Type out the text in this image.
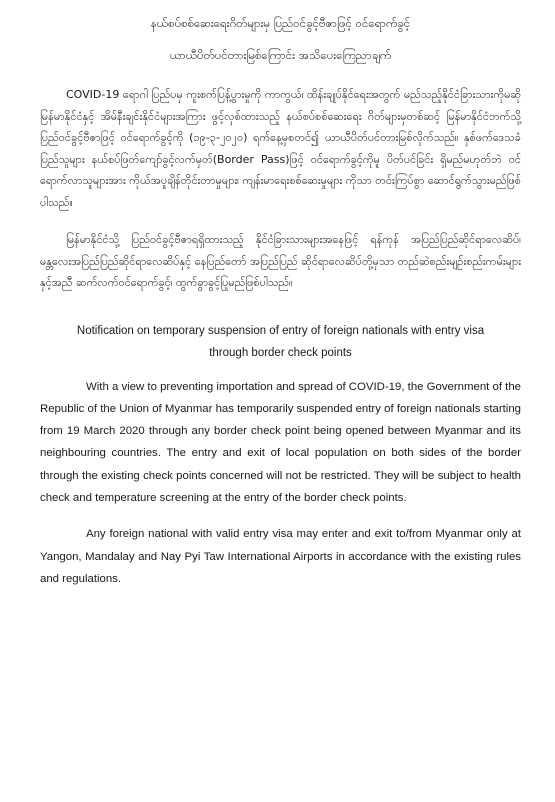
နယ်စပ်စစ်ဆေးရေးဂိတ်များမှ ပြည်ဝင်ခွင့်ဗီဇာဖြင့် ဝင်ရောက်ခွင့်

ယာယီပိတ်ပင်တားမြစ်ကြောင်း အသိပေးကြေညာချက်

COVID-19 ရောဂါ ပြည်ပမှ ကူးစက်ပြန့်ပွားမှုကို ကာကွယ်၊ ထိန်းချုပ်နိုင်ရေးအတွက် မည်သည့်နိုင်ငံခြားသားကိုမဆို မြန်မာနိုင်ငံနှင့် အိမ်နီးချင်းနိုင်ငံများအကြား ဖွင့်လှစ်ထားသည့် နယ်စပ်စစ်ဆေးရေး ဂိတ်များမှတစ်ဆင့် မြန်မာနိုင်ငံဘက်သို့ ပြည်ဝင်ခွင့်ဗီဇာဖြင့် ဝင်ရောက်ခွင့်ကို (၁၉-၃-၂၀၂၀) ရက်နေ့မှစတင်၍ ယာယီပိတ်ပင်တားမြစ်လိုက်သည်။ နှစ်ဖက်ဒေသခံ ပြည်သူများ နယ်စပ်ဖြတ်ကျော်ခွင့်လက်မှတ်(Border Pass)ဖြင့် ဝင်ရောက်ခွင့်ကိုမူ ပိတ်ပင်ခြင်း ရှိမည်မဟုတ်ဘဲ ဝင်ရောက်လာသူများအား ကိုယ်အပူချိန်တိုင်းတာမှုများ၊ ကျန်းမာရေးစစ်ဆေးမှုများ ကိုသာ တင်းကြပ်စွာ ဆောင်ရွက်သွားမည်ဖြစ်ပါသည်။

မြန်မာနိုင်ငံသို့ ပြည်ဝင်ခွင့်ဗီဇာရရှိထားသည့် နိုင်ငံခြားသားများအနေဖြင့် ရန်ကုန် အပြည်ပြည်ဆိုင်ရာလေဆိပ်၊ မန္တလေးအပြည်ပြည်ဆိုင်ရာလေဆိပ်နှင့် နေပြည်တော် အပြည်ပြည် ဆိုင်ရာလေဆိပ်တို့မှသာ တည်ဆဲစည်းမျဉ်းစည်းကမ်းများနှင့်အညီ ဆက်လက်ဝင်ရောက်ခွင့်၊ ထွက်ခွာခွင့်ပြုမည်ဖြစ်ပါသည်။

Notification on temporary suspension of entry of foreign nationals with entry visa
through border check points

With a view to preventing importation and spread of COVID-19, the Government of the Republic of the Union of Myanmar has temporarily suspended entry of foreign nationals starting from 19 March 2020 through any border check point being opened between Myanmar and its neighbouring countries. The entry and exit of local population on both sides of the border through the existing check points concerned will not be restricted. They will be subject to health check and temperature screening at the entry of the border check points.

Any foreign national with valid entry visa may enter and exit to/from Myanmar only at Yangon, Mandalay and Nay Pyi Taw International Airports in accordance with the existing rules and regulations.
